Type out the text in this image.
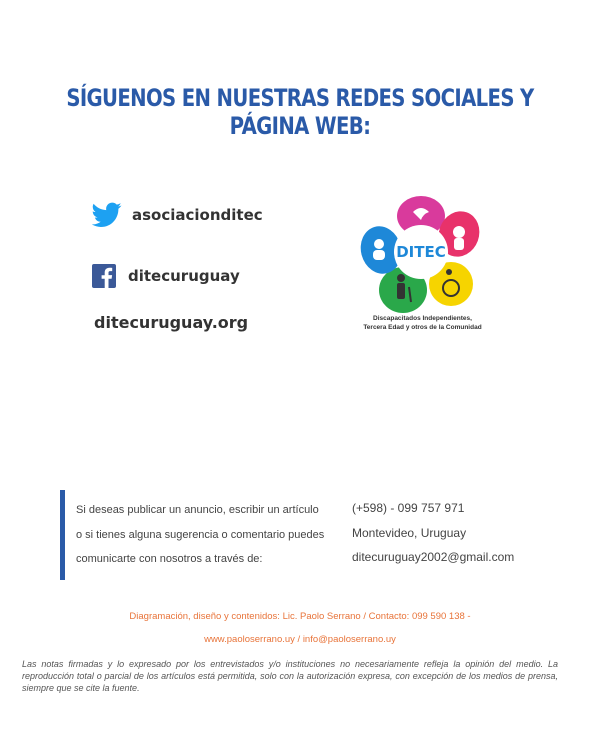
SÍGUENOS EN NUESTRAS REDES SOCIALES Y PÁGINA WEB:
asociacionditec
ditecuruguay
ditecuruguay.org
DITEC
Discapacitados Independientes,
Tercera Edad y otros de la Comunidad
Si deseas publicar un anuncio, escribir un artículo
o si tienes alguna sugerencia o comentario puedes
comunicarte con nosotros a través de:
(+598) - 099 757 971
Montevideo, Uruguay
ditecuruguay2002@gmail.com
Diagramación, diseño y contenidos: Lic. Paolo Serrano / Contacto: 099 590 138 -
www.paoloserrano.uy / info@paoloserrano.uy
Las notas firmadas y lo expresado por los entrevistados y/o instituciones no necesariamente refleja la opinión del medio. La reproducción total o parcial de los artículos está permitida, solo con la autorización expresa, con excepción de los medios de prensa, siempre que se cite la fuente.
